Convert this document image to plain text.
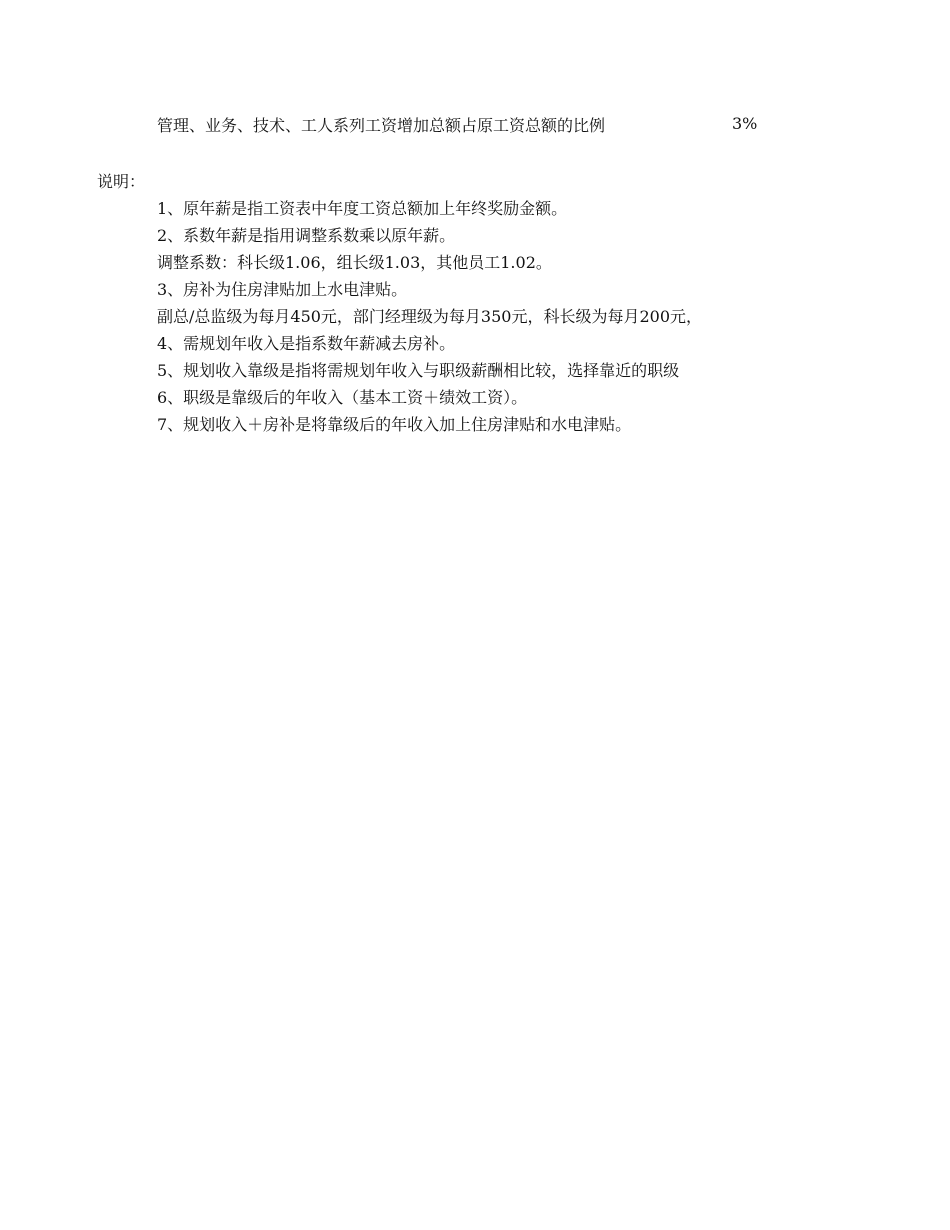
管理、业务、技术、工人系列工资增加总额占原工资总额的比例	3%
说明：
1、原年薪是指工资表中年度工资总额加上年终奖励金额。
2、系数年薪是指用调整系数乘以原年薪。
调整系数：科长级1.06，组长级1.03，其他员工1.02。
3、房补为住房津贴加上水电津贴。
副总/总监级为每月450元，部门经理级为每月350元，科长级为每月200元，
4、需规划年收入是指系数年薪减去房补。
5、规划收入靠级是指将需规划年收入与职级薪酬相比较，选择靠近的职级
6、职级是靠级后的年收入（基本工资＋绩效工资）。
7、规划收入＋房补是将靠级后的年收入加上住房津贴和水电津贴。
